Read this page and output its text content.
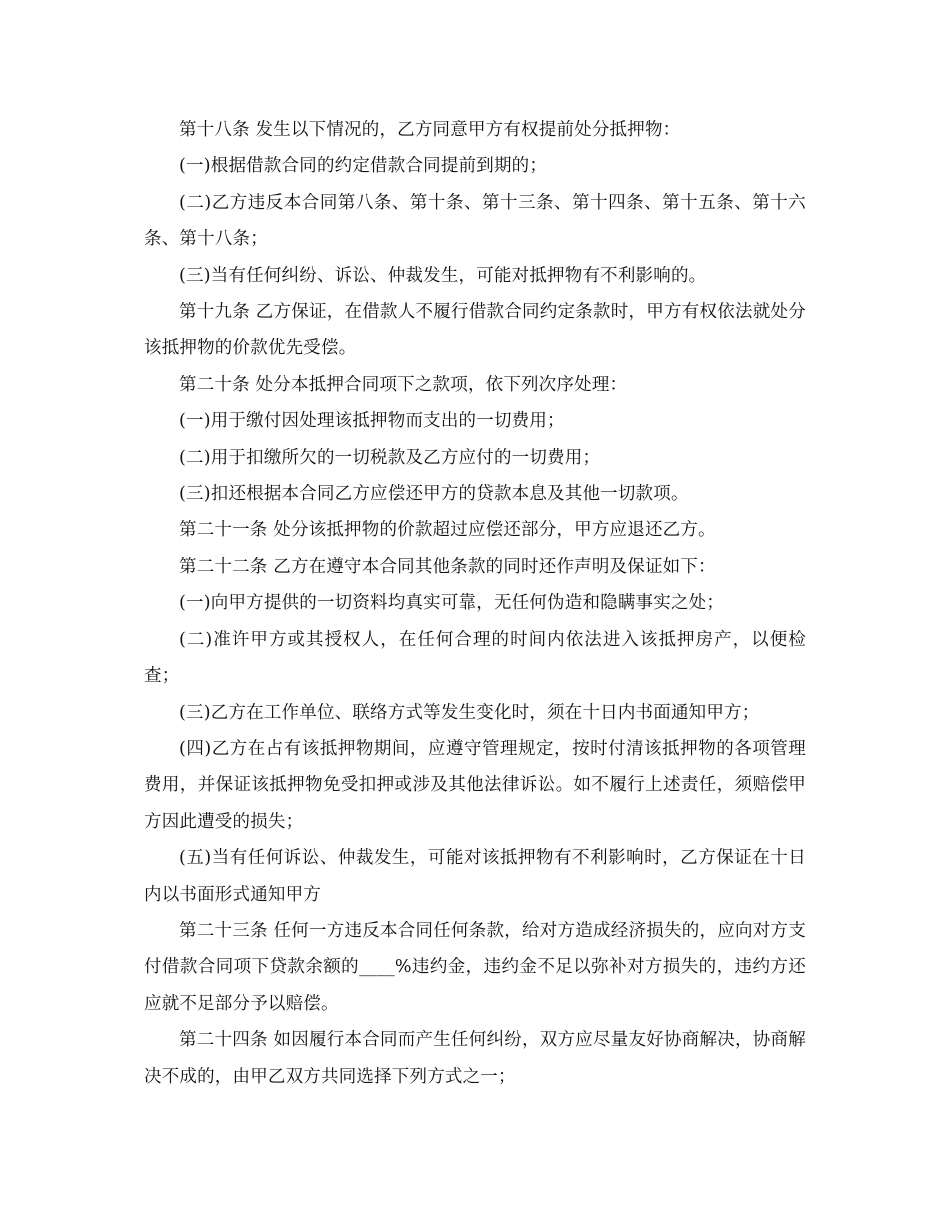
第十八条 发生以下情况的，乙方同意甲方有权提前处分抵押物：

(一)根据借款合同的约定借款合同提前到期的；

(二)乙方违反本合同第八条、第十条、第十三条、第十四条、第十五条、第十六条、第十八条；

(三)当有任何纠纷、诉讼、仲裁发生，可能对抵押物有不利影响的。

第十九条 乙方保证，在借款人不履行借款合同约定条款时，甲方有权依法就处分该抵押物的价款优先受偿。

第二十条 处分本抵押合同项下之款项，依下列次序处理：

(一)用于缴付因处理该抵押物而支出的一切费用；

(二)用于扣缴所欠的一切税款及乙方应付的一切费用；

(三)扣还根据本合同乙方应偿还甲方的贷款本息及其他一切款项。

第二十一条 处分该抵押物的价款超过应偿还部分，甲方应退还乙方。

第二十二条 乙方在遵守本合同其他条款的同时还作声明及保证如下：

(一)向甲方提供的一切资料均真实可靠，无任何伪造和隐瞒事实之处；

(二)准许甲方或其授权人，在任何合理的时间内依法进入该抵押房产，以便检查；

(三)乙方在工作单位、联络方式等发生变化时，须在十日内书面通知甲方；

(四)乙方在占有该抵押物期间，应遵守管理规定，按时付清该抵押物的各项管理费用，并保证该抵押物免受扣押或涉及其他法律诉讼。如不履行上述责任，须赔偿甲方因此遭受的损失；

(五)当有任何诉讼、仲裁发生，可能对该抵押物有不利影响时，乙方保证在十日内以书面形式通知甲方

第二十三条 任何一方违反本合同任何条款，给对方造成经济损失的，应向对方支付借款合同项下贷款余额的____%违约金，违约金不足以弥补对方损失的，违约方还应就不足部分予以赔偿。

第二十四条 如因履行本合同而产生任何纠纷，双方应尽量友好协商解决，协商解决不成的，由甲乙双方共同选择下列方式之一；
